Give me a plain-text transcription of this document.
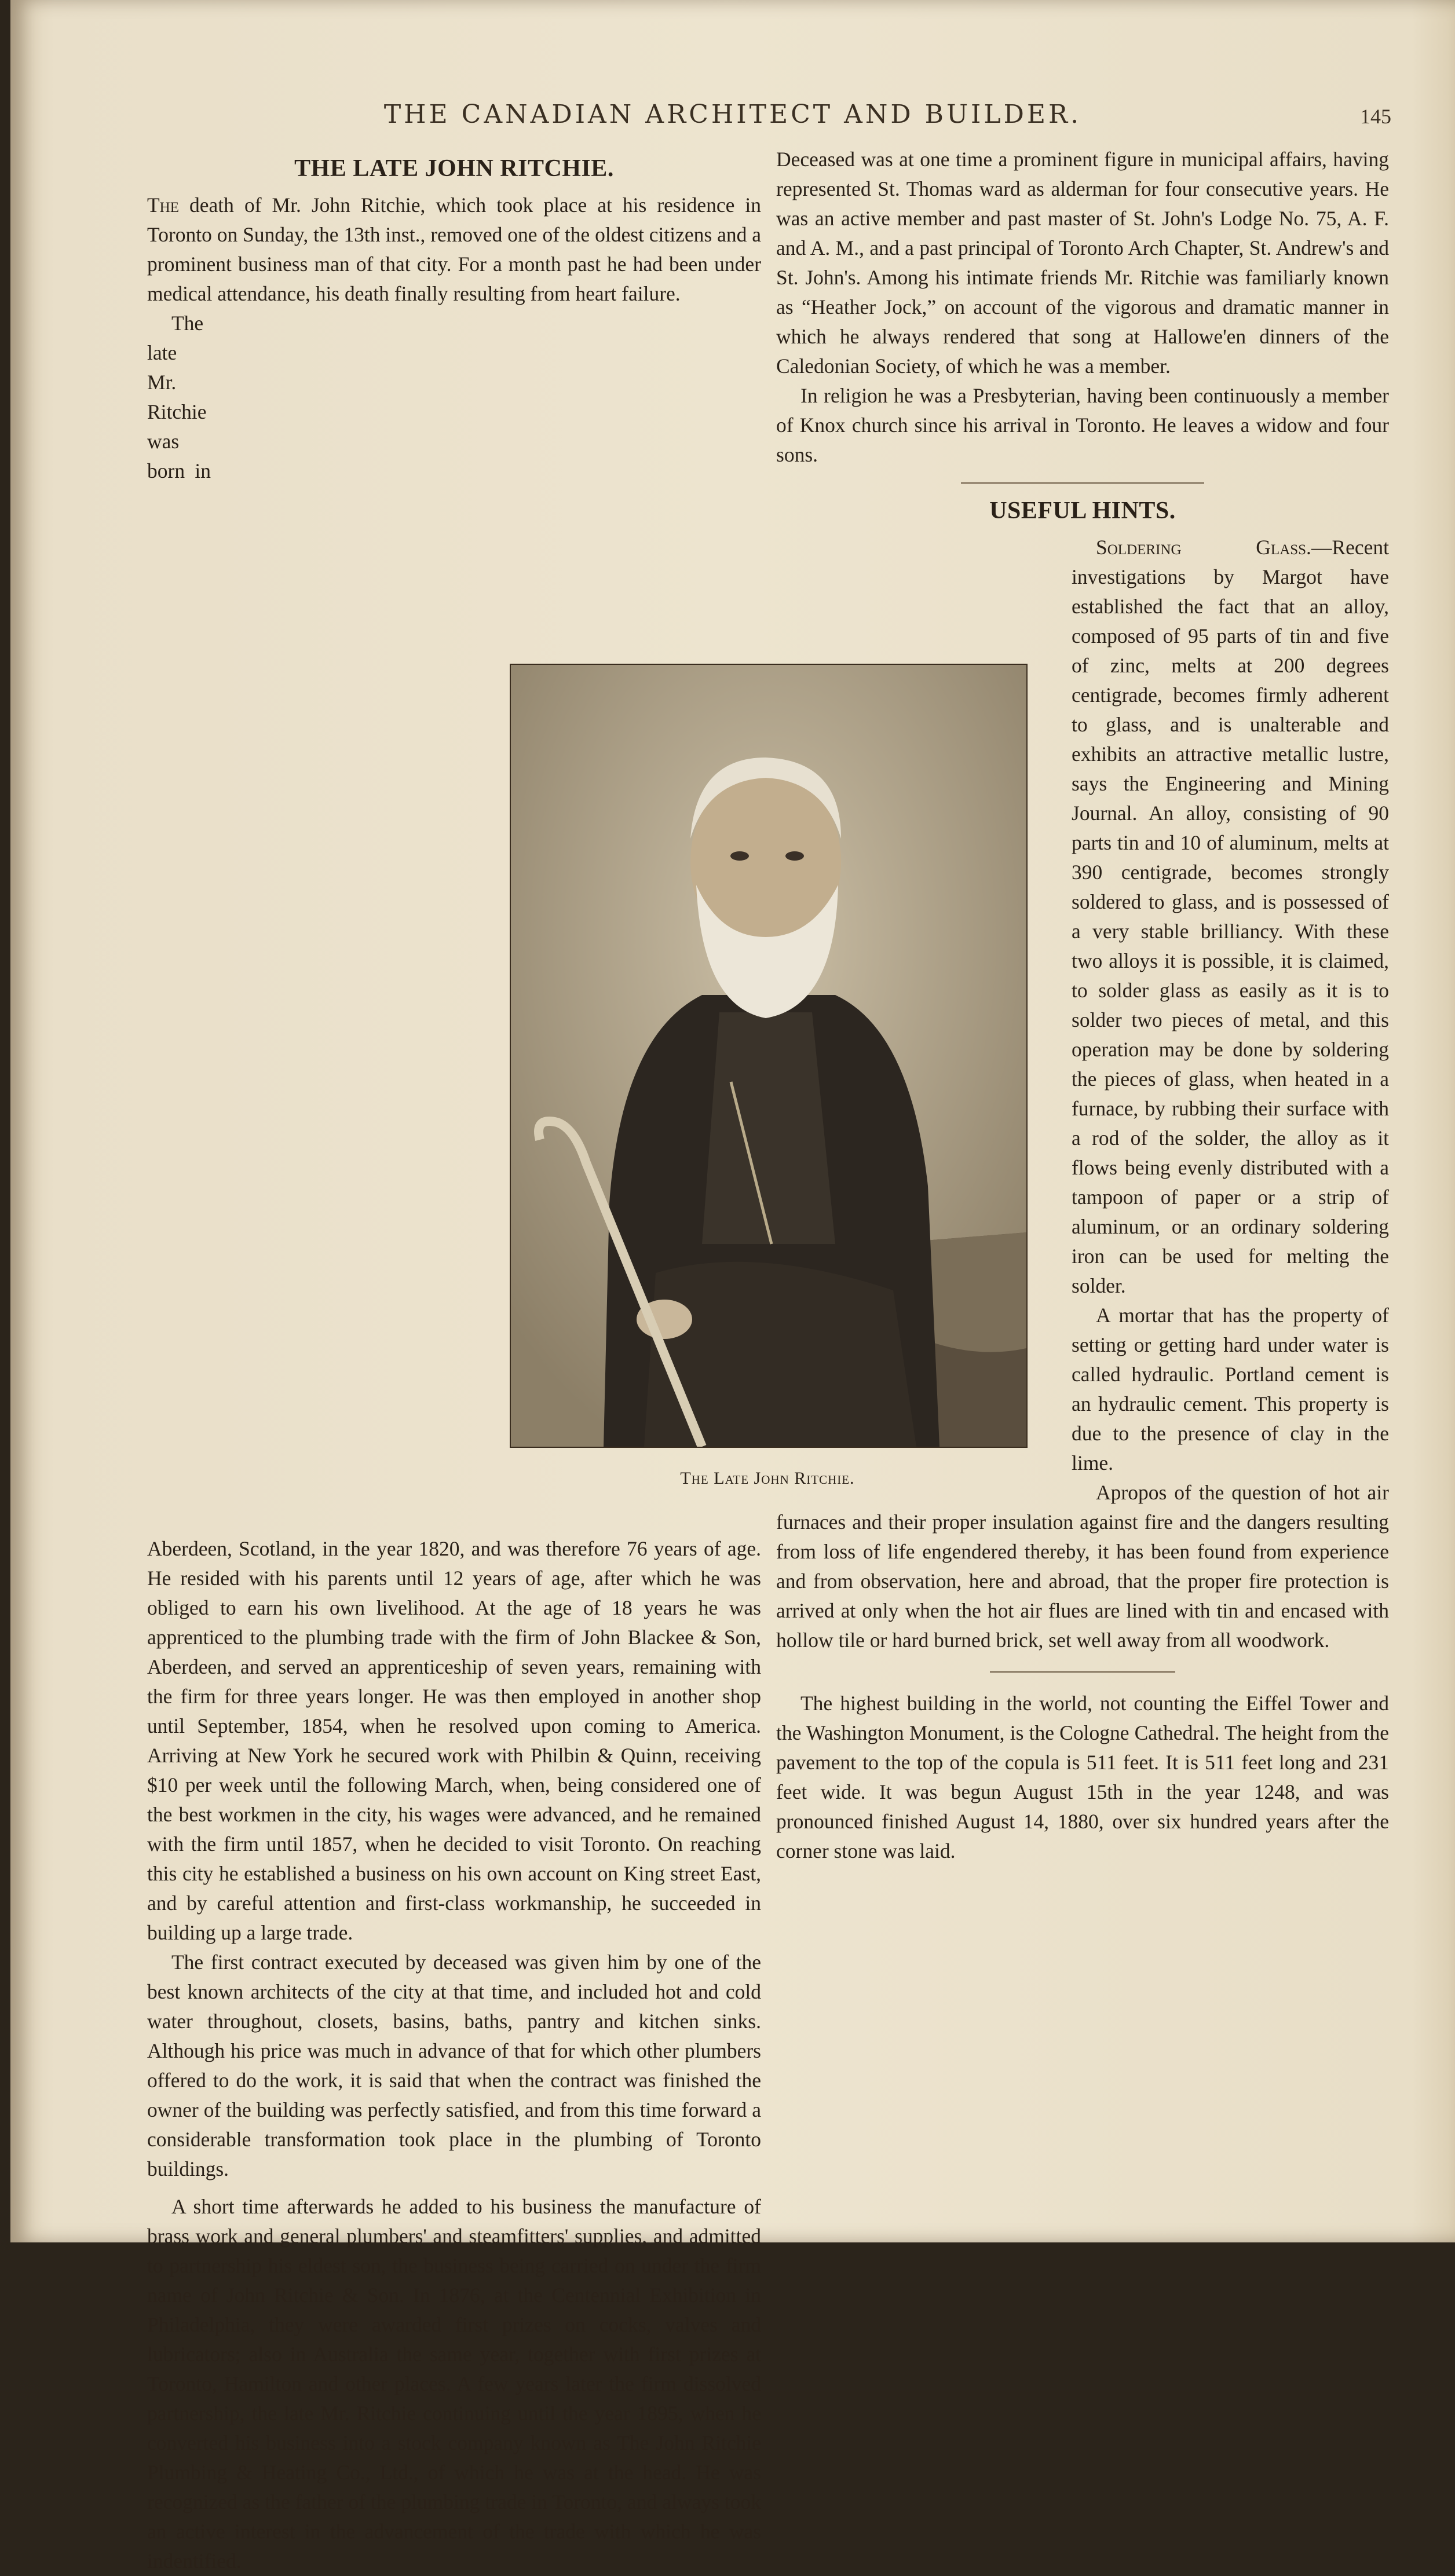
THE CANADIAN ARCHITECT AND BUILDER.	145
THE LATE JOHN RITCHIE.

The death of Mr. John Ritchie, which took place at his residence in Toronto on Sunday, the 13th inst., removed one of the oldest citizens and a prominent business man of that city. For a month past he had been under medical attendance, his death finally resulting from heart failure.

The late Mr. Ritchie was born in Aberdeen, Scotland, in the year 1820, and was therefore 76 years of age. He resided with his parents until 12 years of age, after which he was obliged to earn his own livelihood. At the age of 18 years he was apprenticed to the plumbing trade with the firm of John Blackee & Son, Aberdeen, and served an apprenticeship of seven years, remaining with the firm for three years longer. He was then employed in another shop until September, 1854, when he resolved upon coming to America. Arriving at New York he secured work with Philbin & Quinn, receiving $10 per week until the following March, when, being considered one of the best workmen in the city, his wages were advanced, and he remained with the firm until 1857, when he decided to visit Toronto. On reaching this city he established a business on his own account on King street East, and by careful attention and first-class workmanship, he succeeded in building up a large trade.

The first contract executed by deceased was given him by one of the best known architects of the city at that time, and included hot and cold water throughout, closets, basins, baths, pantry and kitchen sinks. Although his price was much in advance of that for which other plumbers offered to do the work, it is said that when the contract was finished the owner of the building was perfectly satisfied, and from this time forward a considerable transformation took place in the plumbing of Toronto buildings.

A short time afterwards he added to his business the manufacture of brass work and general plumbers' and steamfitters' supplies, and admitted to partnership his eldest son, the business being carried on under the firm name of John Ritchie & Son. In 1876, at the Centennial Exhibition in Philadelphia, they were awarded first prizes on cocks, valves and lubricators; also in Australia the same year, together with first prizes at Toronto, Hamilton and other places. A few years later the firm dissolved partnership, the late Mr. Ritchie continuing until the year 1895, when he converted his business into a stock company known as The John Ritchie Plumbing & Heating Co., Ltd., of which he was at the head. He was recognized as the father of the plumbing trade in Toronto, and always took an active interest in the advancement of the trade with which he was indentified.

Deceased was at one time a prominent figure in municipal affairs, having represented St. Thomas ward as alderman for four consecutive years. He was an active member and past master of St. John's Lodge No. 75, A. F. and A. M., and a past principal of Toronto Arch Chapter, St. Andrew's and St. John's. Among his intimate friends Mr. Ritchie was familiarly known as “Heather Jock,” on account of the vigorous and dramatic manner in which he always rendered that song at Hallowe'en dinners of the Caledonian Society, of which he was a member.

In religion he was a Presbyterian, having been continuously a member of Knox church since his arrival in Toronto. He leaves a widow and four sons.

USEFUL HINTS.

Soldering Glass.—Recent investigations by Margot have established the fact that an alloy, composed of 95 parts of tin and five of zinc, melts at 200 degrees centigrade, becomes firmly adherent to glass, and is unalterable and exhibits an attractive metallic lustre, says the Engineering and Mining Journal. An alloy, consisting of 90 parts tin and 10 of aluminum, melts at 390 centigrade, becomes strongly soldered to glass, and is possessed of a very stable brilliancy. With these two alloys it is possible, it is claimed, to solder glass as easily as it is to solder two pieces of metal, and this operation may be done by soldering the pieces of glass, when heated in a furnace, by rubbing their surface with a rod of the solder, the alloy as it flows being evenly distributed with a tampoon of paper or a strip of aluminum, or an ordinary soldering iron can be used for melting the solder.

A mortar that has the property of setting or getting hard under water is called hydraulic. Portland cement is an hydraulic cement. This property is due to the presence of clay in the lime.

Apropos of the question of hot air furnaces and their proper insulation against fire and the dangers resulting from loss of life engendered thereby, it has been found from experience and from observation, here and abroad, that the proper fire protection is arrived at only when the hot air flues are lined with tin and encased with hollow tile or hard burned brick, set well away from all woodwork.

The highest building in the world, not counting the Eiffel Tower and the Washington Monument, is the Cologne Cathedral. The height from the pavement to the top of the copula is 511 feet. It is 511 feet long and 231 feet wide. It was begun August 15th in the year 1248, and was pronounced finished August 14, 1880, over six hundred years after the corner stone was laid.

The Late John Ritchie.
